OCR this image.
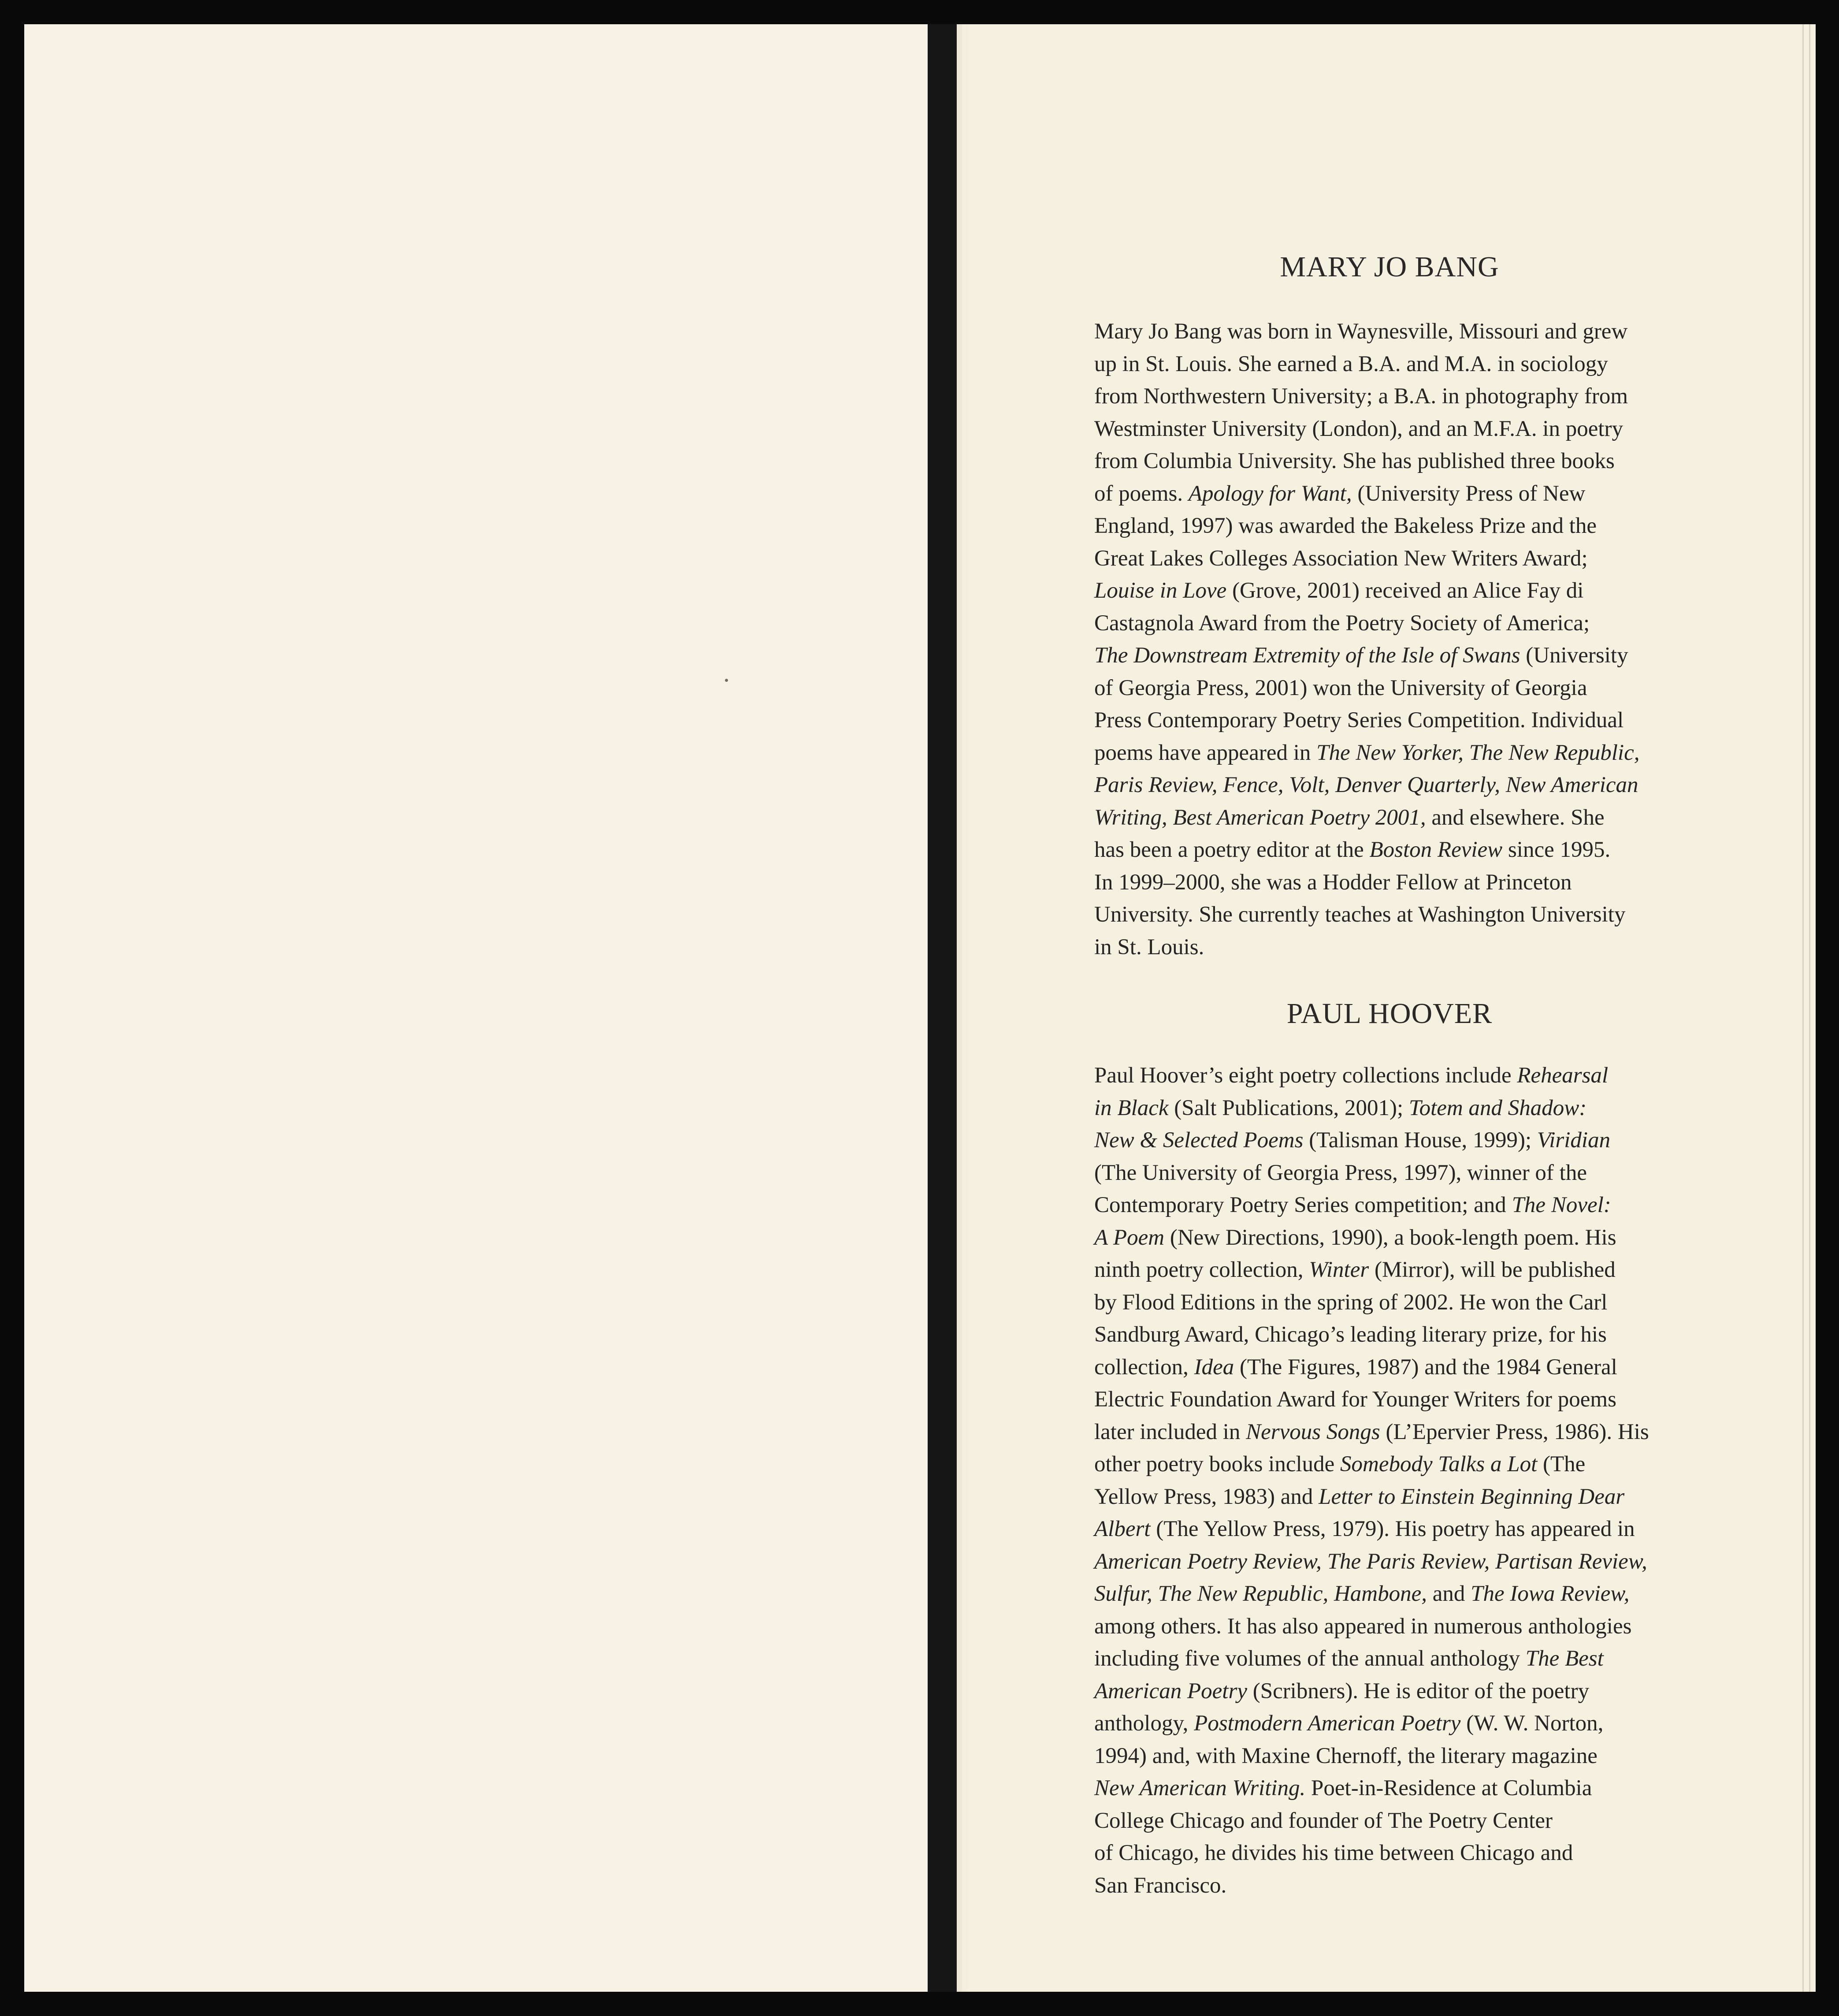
MARY JO BANG
Mary Jo Bang was born in Waynesville, Missouri and grew
up in St. Louis. She earned a B.A. and M.A. in sociology
from Northwestern University; a B.A. in photography from
Westminster University (London), and an M.F.A. in poetry
from Columbia University. She has published three books
of poems. Apology for Want, (University Press of New
England, 1997) was awarded the Bakeless Prize and the
Great Lakes Colleges Association New Writers Award;
Louise in Love (Grove, 2001) received an Alice Fay di
Castagnola Award from the Poetry Society of America;
The Downstream Extremity of the Isle of Swans (University
of Georgia Press, 2001) won the University of Georgia
Press Contemporary Poetry Series Competition. Individual
poems have appeared in The New Yorker, The New Republic,
Paris Review, Fence, Volt, Denver Quarterly, New American
Writing, Best American Poetry 2001, and elsewhere. She
has been a poetry editor at the Boston Review since 1995.
In 1999–2000, she was a Hodder Fellow at Princeton
University. She currently teaches at Washington University
in St. Louis.
PAUL HOOVER
Paul Hoover’s eight poetry collections include Rehearsal
in Black (Salt Publications, 2001); Totem and Shadow:
New & Selected Poems (Talisman House, 1999); Viridian
(The University of Georgia Press, 1997), winner of the
Contemporary Poetry Series competition; and The Novel:
A Poem (New Directions, 1990), a book-length poem. His
ninth poetry collection, Winter (Mirror), will be published
by Flood Editions in the spring of 2002. He won the Carl
Sandburg Award, Chicago’s leading literary prize, for his
collection, Idea (The Figures, 1987) and the 1984 General
Electric Foundation Award for Younger Writers for poems
later included in Nervous Songs (L’Epervier Press, 1986). His
other poetry books include Somebody Talks a Lot (The
Yellow Press, 1983) and Letter to Einstein Beginning Dear
Albert (The Yellow Press, 1979). His poetry has appeared in
American Poetry Review, The Paris Review, Partisan Review,
Sulfur, The New Republic, Hambone, and The Iowa Review,
among others. It has also appeared in numerous anthologies
including five volumes of the annual anthology The Best
American Poetry (Scribners). He is editor of the poetry
anthology, Postmodern American Poetry (W. W. Norton,
1994) and, with Maxine Chernoff, the literary magazine
New American Writing. Poet-in-Residence at Columbia
College Chicago and founder of The Poetry Center
of Chicago, he divides his time between Chicago and
San Francisco.
